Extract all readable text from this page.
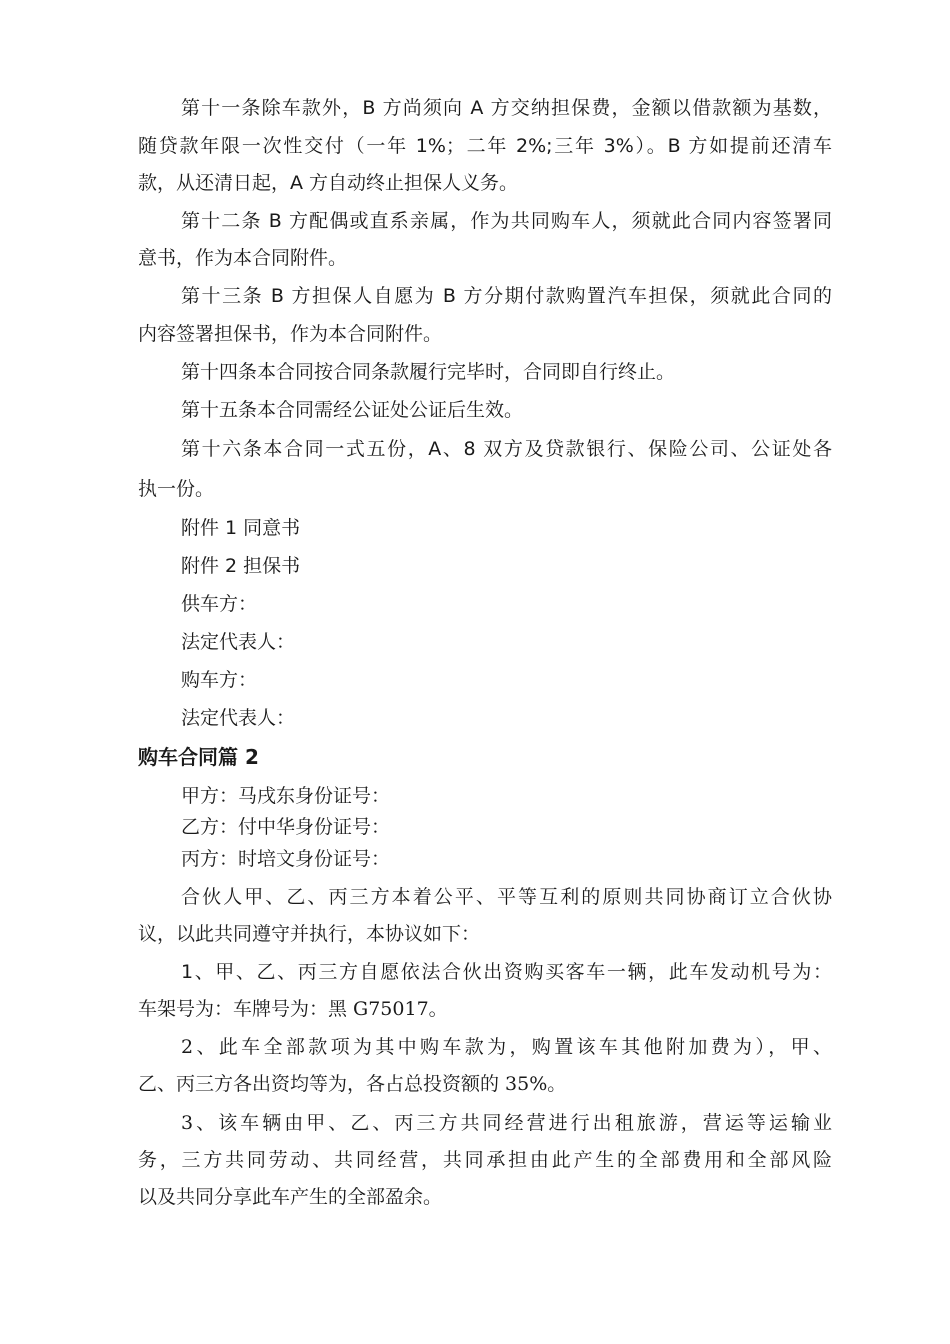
第十一条除车款外，B 方尚须向 A 方交纳担保费，金额以借款额为基数，
随贷款年限一次性交付（一年 1%；二年 2%;三年 3%）。B 方如提前还清车
款，从还清日起，A 方自动终止担保人义务。
第十二条 B 方配偶或直系亲属，作为共同购车人，须就此合同内容签署同
意书，作为本合同附件。
第十三条 B 方担保人自愿为 B 方分期付款购置汽车担保，须就此合同的
内容签署担保书，作为本合同附件。
第十四条本合同按合同条款履行完毕时，合同即自行终止。
第十五条本合同需经公证处公证后生效。
第十六条本合同一式五份，A、8 双方及贷款银行、保险公司、公证处各
执一份。
附件 1 同意书
附件 2 担保书
供车方：
法定代表人：
购车方：
法定代表人：
购车合同篇 2
甲方：马戌东身份证号：
乙方：付中华身份证号：
丙方：时培文身份证号：
合伙人甲、乙、丙三方本着公平、平等互利的原则共同协商订立合伙协
议，以此共同遵守并执行，本协议如下：
1、甲、乙、丙三方自愿依法合伙出资购买客车一辆，此车发动机号为：
车架号为：车牌号为：黑 G75017。
2、此车全部款项为其中购车款为，购置该车其他附加费为），甲、
乙、丙三方各出资均等为，各占总投资额的 35%。
3、该车辆由甲、乙、丙三方共同经营进行出租旅游，营运等运输业
务，三方共同劳动、共同经营，共同承担由此产生的全部费用和全部风险
以及共同分享此车产生的全部盈余。
